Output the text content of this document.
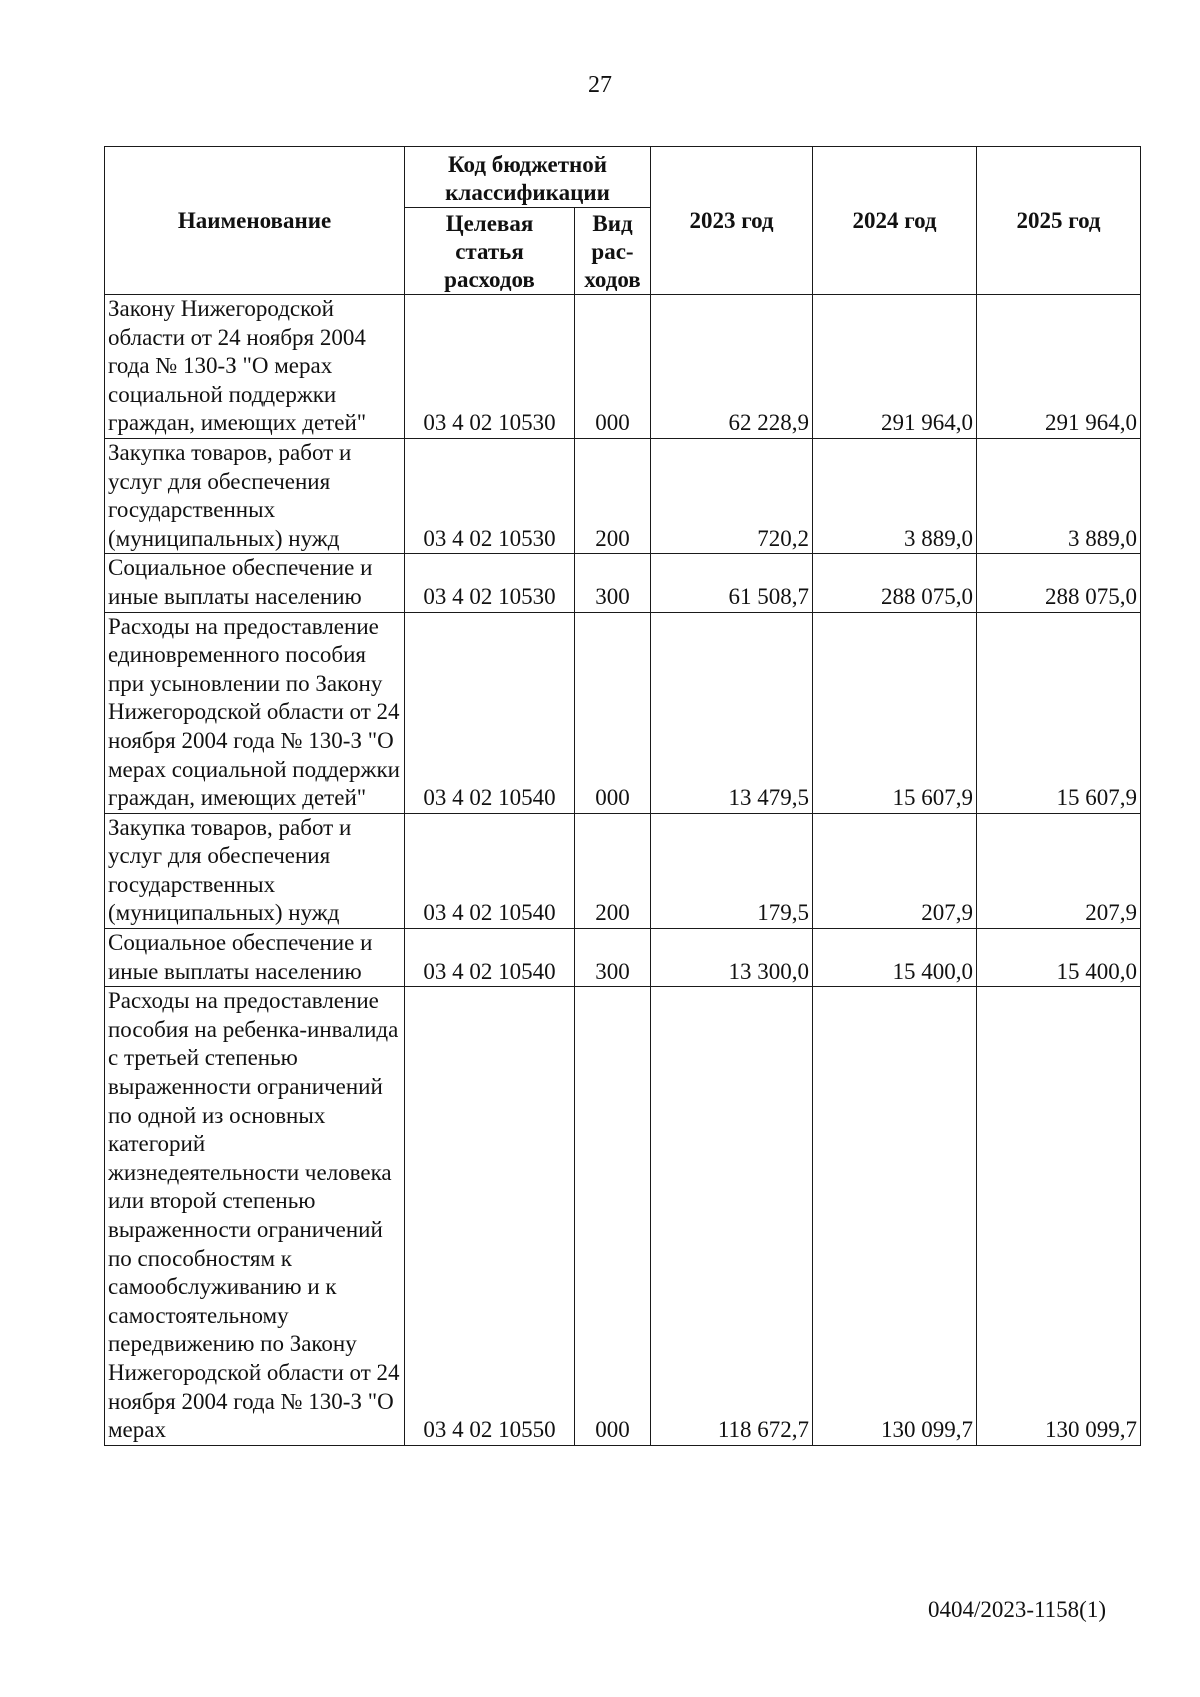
27
Наименование	Код бюджетной классификации		2023 год	2024 год	2025 год
	Целевая статья расходов	Вид рас-ходов			
Закону Нижегородской области от 24 ноября 2004 года № 130-З "О мерах социальной поддержки граждан, имеющих детей"	03 4 02 10530	000	62 228,9	291 964,0	291 964,0
Закупка товаров, работ и услуг для обеспечения государственных (муниципальных) нужд	03 4 02 10530	200	720,2	3 889,0	3 889,0
Социальное обеспечение и иные выплаты населению	03 4 02 10530	300	61 508,7	288 075,0	288 075,0
Расходы на предоставление единовременного пособия при усыновлении по Закону Нижегородской области от 24 ноября 2004 года № 130-З "О мерах социальной поддержки граждан, имеющих детей"	03 4 02 10540	000	13 479,5	15 607,9	15 607,9
Закупка товаров, работ и услуг для обеспечения государственных (муниципальных) нужд	03 4 02 10540	200	179,5	207,9	207,9
Социальное обеспечение и иные выплаты населению	03 4 02 10540	300	13 300,0	15 400,0	15 400,0
Расходы на предоставление пособия на ребенка-инвалида с третьей степенью выраженности ограничений по одной из основных категорий жизнедеятельности человека или второй степенью выраженности ограничений по способностям к самообслуживанию и к самостоятельному передвижению по Закону Нижегородской области от 24 ноября 2004 года № 130-З "О мерах	03 4 02 10550	000	118 672,7	130 099,7	130 099,7
0404/2023-1158(1)
